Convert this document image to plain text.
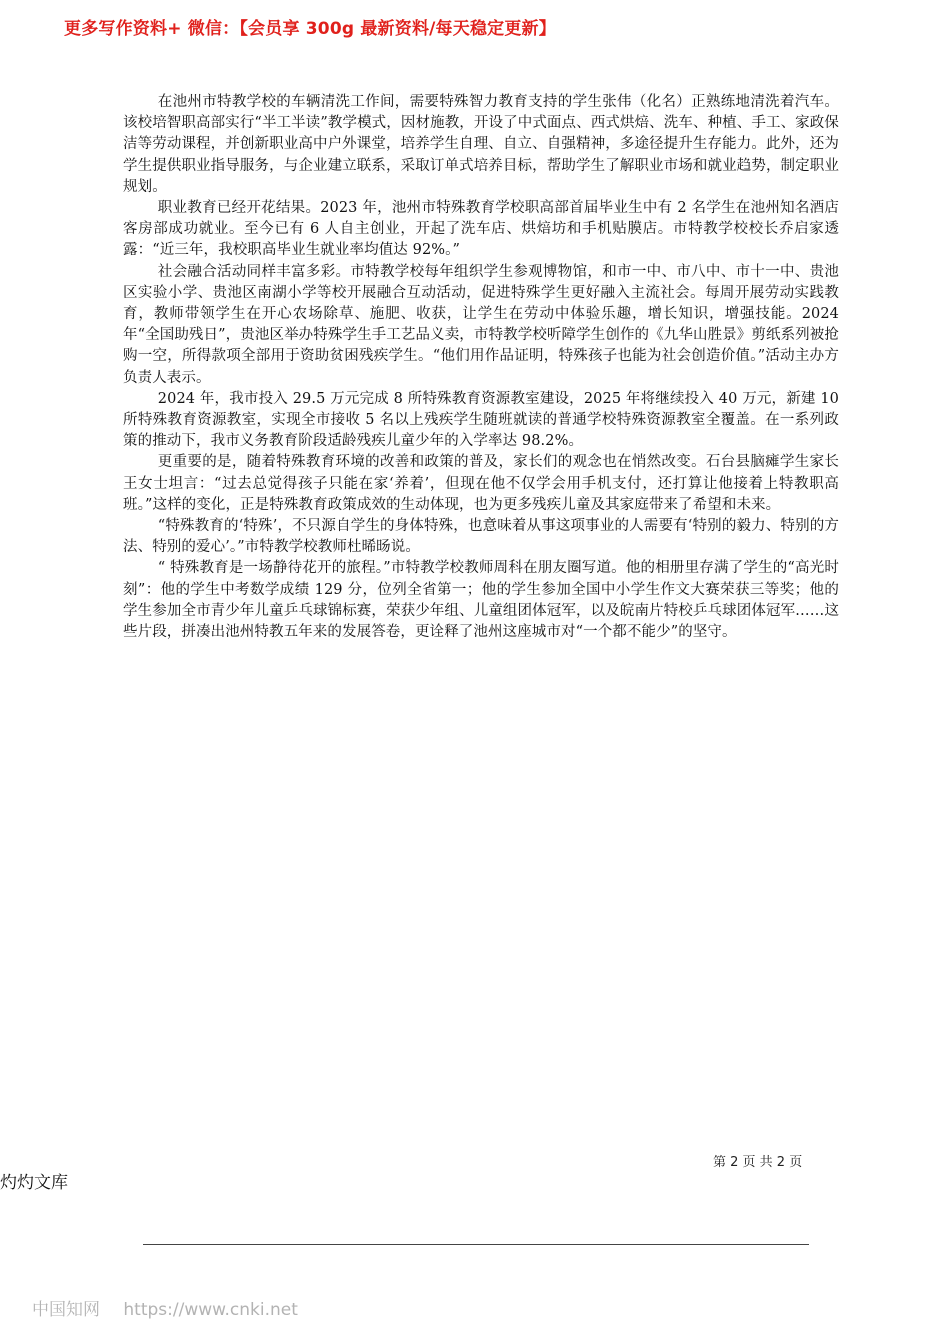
更多写作资料+ 微信：【会员享 300g 最新资料/每天稳定更新】

在池州市特教学校的车辆清洗工作间，需要特殊智力教育支持的学生张伟（化名）正熟练地清洗着汽车。该校培智职高部实行“半工半读”教学模式，因材施教，开设了中式面点、西式烘焙、洗车、种植、手工、家政保洁等劳动课程，并创新职业高中户外课堂，培养学生自理、自立、自强精神，多途径提升生存能力。此外，还为学生提供职业指导服务，与企业建立联系，采取订单式培养目标，帮助学生了解职业市场和就业趋势，制定职业规划。

职业教育已经开花结果。2023 年，池州市特殊教育学校职高部首届毕业生中有 2 名学生在池州知名酒店客房部成功就业。至今已有 6 人自主创业，开起了洗车店、烘焙坊和手机贴膜店。市特教学校校长乔启家透露：“近三年，我校职高毕业生就业率均值达 92%。”

社会融合活动同样丰富多彩。市特教学校每年组织学生参观博物馆，和市一中、市八中、市十一中、贵池区实验小学、贵池区南湖小学等校开展融合互动活动，促进特殊学生更好融入主流社会。每周开展劳动实践教育，教师带领学生在开心农场除草、施肥、收获，让学生在劳动中体验乐趣，增长知识，增强技能。2024 年“全国助残日”，贵池区举办特殊学生手工艺品义卖，市特教学校听障学生创作的《九华山胜景》剪纸系列被抢购一空，所得款项全部用于资助贫困残疾学生。“他们用作品证明，特殊孩子也能为社会创造价值。”活动主办方负责人表示。

2024 年，我市投入 29.5 万元完成 8 所特殊教育资源教室建设，2025 年将继续投入 40 万元，新建 10 所特殊教育资源教室，实现全市接收 5 名以上残疾学生随班就读的普通学校特殊资源教室全覆盖。在一系列政策的推动下，我市义务教育阶段适龄残疾儿童少年的入学率达 98.2%。

更重要的是，随着特殊教育环境的改善和政策的普及，家长们的观念也在悄然改变。石台县脑瘫学生家长王女士坦言：“过去总觉得孩子只能在家‘养着’，但现在他不仅学会用手机支付，还打算让他接着上特教职高班。”这样的变化，正是特殊教育政策成效的生动体现，也为更多残疾儿童及其家庭带来了希望和未来。

“特殊教育的‘特殊’，不只源自学生的身体特殊，也意味着从事这项事业的人需要有‘特别的毅力、特别的方法、特别的爱心’。”市特教学校教师杜晞旸说。

“ 特殊教育是一场静待花开的旅程。”市特教学校教师周科在朋友圈写道。他的相册里存满了学生的“高光时刻”：他的学生中考数学成绩 129 分，位列全省第一；他的学生参加全国中小学生作文大赛荣获三等奖；他的学生参加全市青少年儿童乒乓球锦标赛，荣获少年组、儿童组团体冠军，以及皖南片特校乒乓球团体冠军……这些片段，拼凑出池州特教五年来的发展答卷，更诠释了池州这座城市对“一个都不能少”的坚守。

第 2 页 共 2 页
灼灼文库
中国知网 https://www.cnki.net
